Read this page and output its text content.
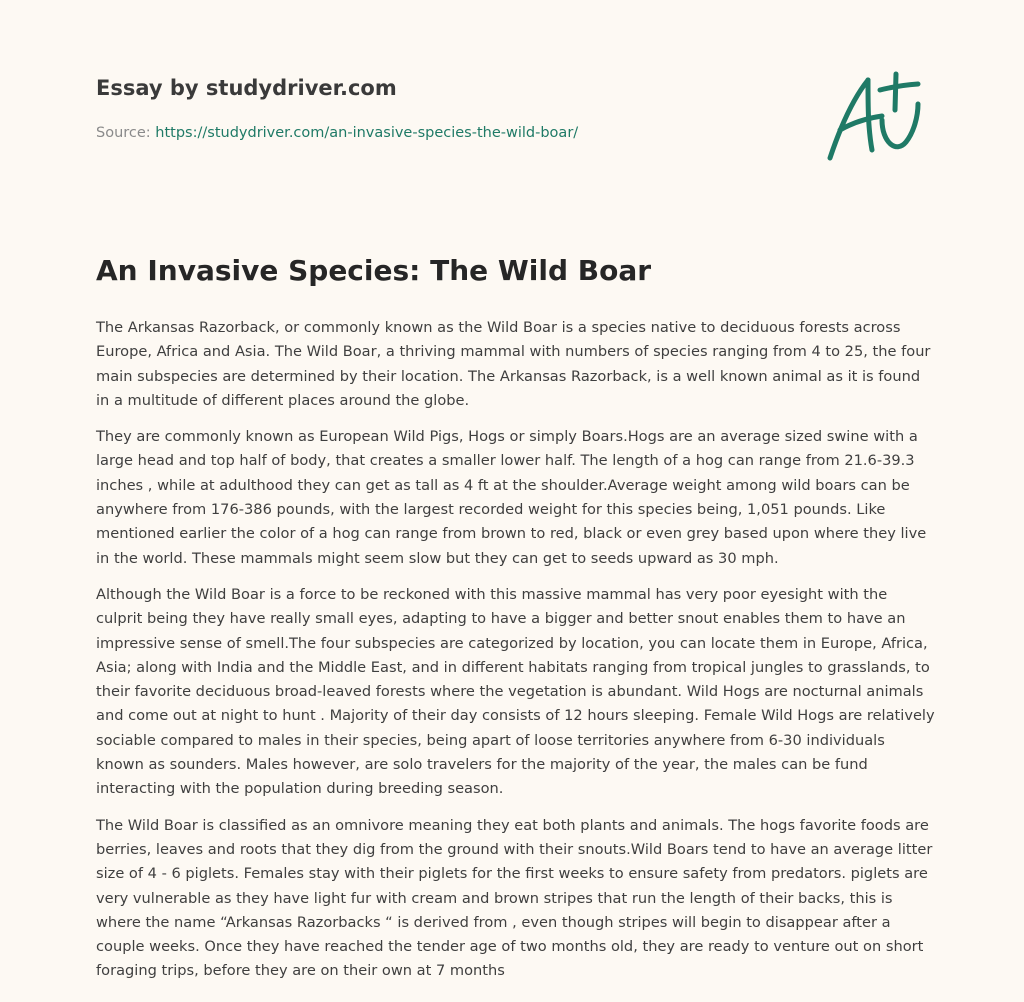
Essay by studydriver.com
Source: https://studydriver.com/an-invasive-species-the-wild-boar/
An Invasive Species: The Wild Boar

The Arkansas Razorback, or commonly known as the Wild Boar is a species native to deciduous forests across Europe, Africa and Asia. The Wild Boar, a thriving mammal with numbers of species ranging from 4 to 25, the four main subspecies are determined by their location. The Arkansas Razorback, is a well known animal as it is found in a multitude of different places around the globe.

They are commonly known as European Wild Pigs, Hogs or simply Boars.Hogs are an average sized swine with a large head and top half of body, that creates a smaller lower half. The length of a hog can range from 21.6-39.3 inches , while at adulthood they can get as tall as 4 ft at the shoulder.Average weight among wild boars can be anywhere from 176-386 pounds, with the largest recorded weight for this species being, 1,051 pounds. Like mentioned earlier the color of a hog can range from brown to red, black or even grey based upon where they live in the world. These mammals might seem slow but they can get to seeds upward as 30 mph.

Although the Wild Boar is a force to be reckoned with this massive mammal has very poor eyesight with the culprit being they have really small eyes, adapting to have a bigger and better snout enables them to have an impressive sense of smell.The four subspecies are categorized by location, you can locate them in Europe, Africa, Asia; along with India and the Middle East, and in different habitats ranging from tropical jungles to grasslands, to their favorite deciduous broad-leaved forests where the vegetation is abundant. Wild Hogs are nocturnal animals and come out at night to hunt . Majority of their day consists of 12 hours sleeping. Female Wild Hogs are relatively sociable compared to males in their species, being apart of loose territories anywhere from 6-30 individuals known as sounders. Males however, are solo travelers for the majority of the year, the males can be fund interacting with the population during breeding season.

The Wild Boar is classified as an omnivore meaning they eat both plants and animals. The hogs favorite foods are berries, leaves and roots that they dig from the ground with their snouts.Wild Boars tend to have an average litter size of 4 - 6 piglets. Females stay with their piglets for the first weeks to ensure safety from predators. piglets are very vulnerable as they have light fur with cream and brown stripes that run the length of their backs, this is where the name “Arkansas Razorbacks “ is derived from , even though stripes will begin to disappear after a couple weeks. Once they have reached the tender age of two months old, they are ready to venture out on short foraging trips, before they are on their own at 7 months
